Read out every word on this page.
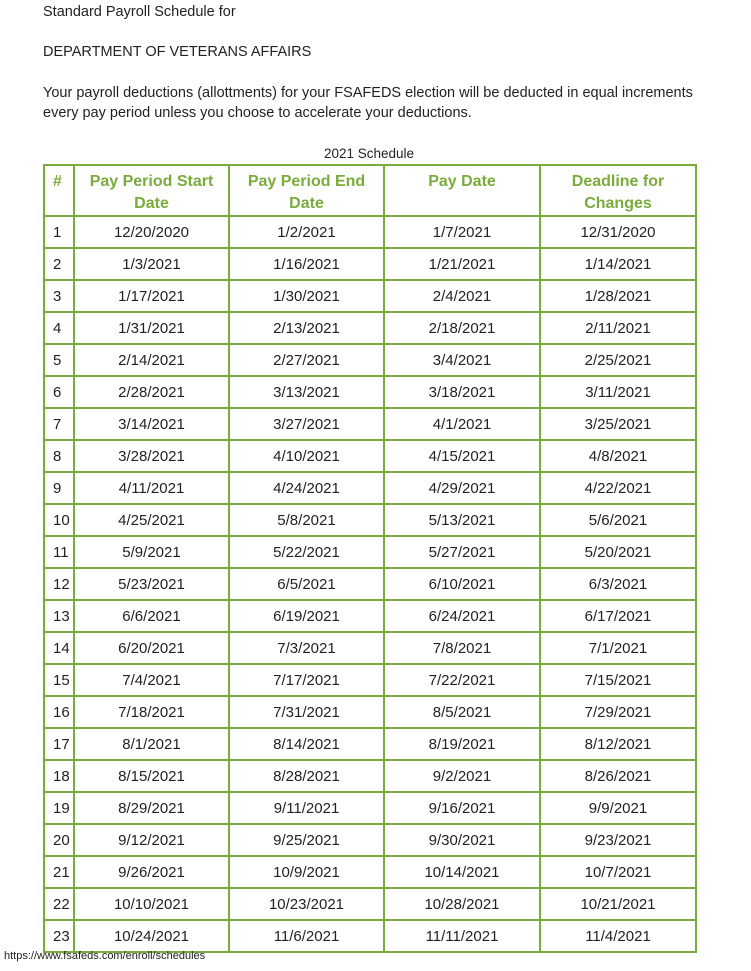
Standard Payroll Schedule for
DEPARTMENT OF VETERANS AFFAIRS
Your payroll deductions (allottments) for your FSAFEDS election will be deducted in equal increments
every pay period unless you choose to accelerate your deductions.
2021 Schedule
#	Pay Period Start Date	Pay Period End Date	Pay Date	Deadline for Changes
1	12/20/2020	1/2/2021	1/7/2021	12/31/2020
2	1/3/2021	1/16/2021	1/21/2021	1/14/2021
3	1/17/2021	1/30/2021	2/4/2021	1/28/2021
4	1/31/2021	2/13/2021	2/18/2021	2/11/2021
5	2/14/2021	2/27/2021	3/4/2021	2/25/2021
6	2/28/2021	3/13/2021	3/18/2021	3/11/2021
7	3/14/2021	3/27/2021	4/1/2021	3/25/2021
8	3/28/2021	4/10/2021	4/15/2021	4/8/2021
9	4/11/2021	4/24/2021	4/29/2021	4/22/2021
10	4/25/2021	5/8/2021	5/13/2021	5/6/2021
11	5/9/2021	5/22/2021	5/27/2021	5/20/2021
12	5/23/2021	6/5/2021	6/10/2021	6/3/2021
13	6/6/2021	6/19/2021	6/24/2021	6/17/2021
14	6/20/2021	7/3/2021	7/8/2021	7/1/2021
15	7/4/2021	7/17/2021	7/22/2021	7/15/2021
16	7/18/2021	7/31/2021	8/5/2021	7/29/2021
17	8/1/2021	8/14/2021	8/19/2021	8/12/2021
18	8/15/2021	8/28/2021	9/2/2021	8/26/2021
19	8/29/2021	9/11/2021	9/16/2021	9/9/2021
20	9/12/2021	9/25/2021	9/30/2021	9/23/2021
21	9/26/2021	10/9/2021	10/14/2021	10/7/2021
22	10/10/2021	10/23/2021	10/28/2021	10/21/2021
23	10/24/2021	11/6/2021	11/11/2021	11/4/2021
https://www.fsafeds.com/enroll/schedules
